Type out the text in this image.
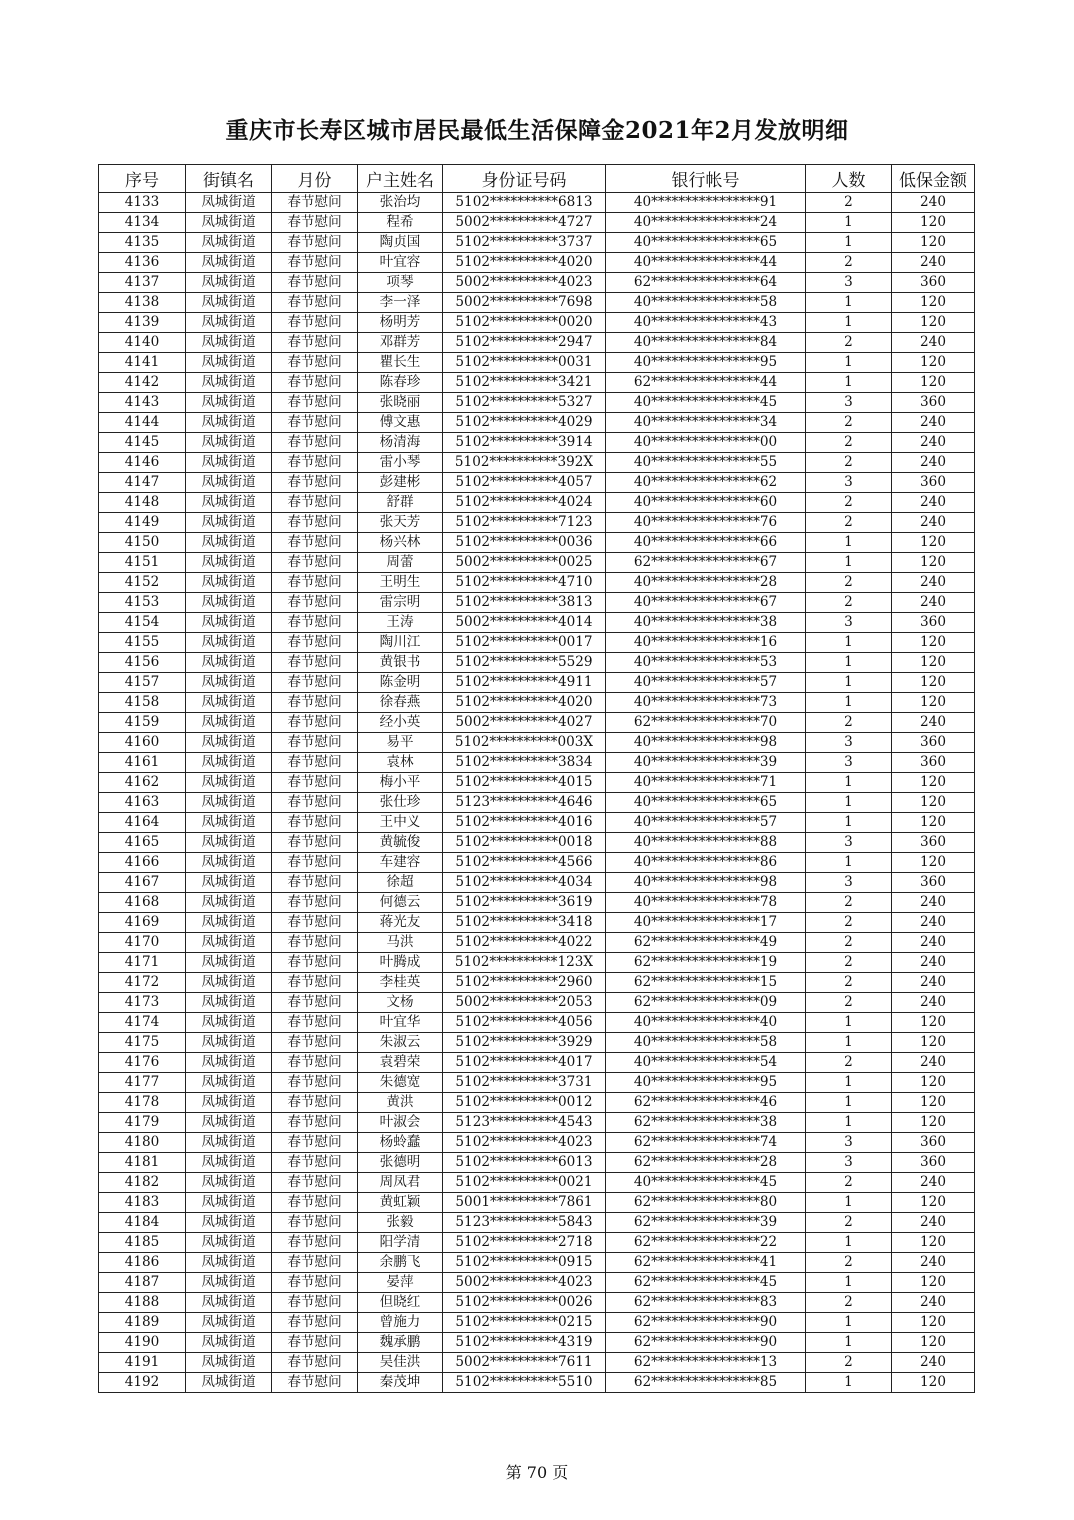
重庆市长寿区城市居民最低生活保障金2021年2月发放明细
序号	街镇名	月份	户主姓名	身份证号码	银行帐号	人数	低保金额
4133	凤城街道	春节慰问	张治均	5102**********6813	40****************91	2	240
4134	凤城街道	春节慰问	程希	5002**********4727	40****************24	1	120
4135	凤城街道	春节慰问	陶贞国	5102**********3737	40****************65	1	120
4136	凤城街道	春节慰问	叶宜容	5102**********4020	40****************44	2	240
4137	凤城街道	春节慰问	项琴	5002**********4023	62****************64	3	360
4138	凤城街道	春节慰问	李一泽	5002**********7698	40****************58	1	120
4139	凤城街道	春节慰问	杨明芳	5102**********0020	40****************43	1	120
4140	凤城街道	春节慰问	邓群芳	5102**********2947	40****************84	2	240
4141	凤城街道	春节慰问	瞿长生	5102**********0031	40****************95	1	120
4142	凤城街道	春节慰问	陈春珍	5102**********3421	62****************44	1	120
4143	凤城街道	春节慰问	张晓丽	5102**********5327	40****************45	3	360
4144	凤城街道	春节慰问	傅文惠	5102**********4029	40****************34	2	240
4145	凤城街道	春节慰问	杨清海	5102**********3914	40****************00	2	240
4146	凤城街道	春节慰问	雷小琴	5102**********392X	40****************55	2	240
4147	凤城街道	春节慰问	彭建彬	5102**********4057	40****************62	3	360
4148	凤城街道	春节慰问	舒群	5102**********4024	40****************60	2	240
4149	凤城街道	春节慰问	张天芳	5102**********7123	40****************76	2	240
4150	凤城街道	春节慰问	杨兴林	5102**********0036	40****************66	1	120
4151	凤城街道	春节慰问	周蕾	5002**********0025	62****************67	1	120
4152	凤城街道	春节慰问	王明生	5102**********4710	40****************28	2	240
4153	凤城街道	春节慰问	雷宗明	5102**********3813	40****************67	2	240
4154	凤城街道	春节慰问	王涛	5002**********4014	40****************38	3	360
4155	凤城街道	春节慰问	陶川江	5102**********0017	40****************16	1	120
4156	凤城街道	春节慰问	黄银书	5102**********5529	40****************53	1	120
4157	凤城街道	春节慰问	陈金明	5102**********4911	40****************57	1	120
4158	凤城街道	春节慰问	徐春燕	5102**********4020	40****************73	1	120
4159	凤城街道	春节慰问	经小英	5002**********4027	62****************70	2	240
4160	凤城街道	春节慰问	易平	5102**********003X	40****************98	3	360
4161	凤城街道	春节慰问	袁林	5102**********3834	40****************39	3	360
4162	凤城街道	春节慰问	梅小平	5102**********4015	40****************71	1	120
4163	凤城街道	春节慰问	张仕珍	5123**********4646	40****************65	1	120
4164	凤城街道	春节慰问	王中义	5102**********4016	40****************57	1	120
4165	凤城街道	春节慰问	黄毓俊	5102**********0018	40****************88	3	360
4166	凤城街道	春节慰问	车建容	5102**********4566	40****************86	1	120
4167	凤城街道	春节慰问	徐超	5102**********4034	40****************98	3	360
4168	凤城街道	春节慰问	何德云	5102**********3619	40****************78	2	240
4169	凤城街道	春节慰问	蒋光友	5102**********3418	40****************17	2	240
4170	凤城街道	春节慰问	马洪	5102**********4022	62****************49	2	240
4171	凤城街道	春节慰问	叶腾成	5102**********123X	62****************19	2	240
4172	凤城街道	春节慰问	李桂英	5102**********2960	62****************15	2	240
4173	凤城街道	春节慰问	文杨	5002**********2053	62****************09	2	240
4174	凤城街道	春节慰问	叶宜华	5102**********4056	40****************40	1	120
4175	凤城街道	春节慰问	朱淑云	5102**********3929	40****************58	1	120
4176	凤城街道	春节慰问	袁碧荣	5102**********4017	40****************54	2	240
4177	凤城街道	春节慰问	朱德宽	5102**********3731	40****************95	1	120
4178	凤城街道	春节慰问	黄洪	5102**********0012	62****************46	1	120
4179	凤城街道	春节慰问	叶淑会	5123**********4543	62****************38	1	120
4180	凤城街道	春节慰问	杨蛉蠢	5102**********4023	62****************74	3	360
4181	凤城街道	春节慰问	张德明	5102**********6013	62****************28	3	360
4182	凤城街道	春节慰问	周凤君	5102**********0021	40****************45	2	240
4183	凤城街道	春节慰问	黄虹颖	5001**********7861	62****************80	1	120
4184	凤城街道	春节慰问	张毅	5123**********5843	62****************39	2	240
4185	凤城街道	春节慰问	阳学清	5102**********2718	62****************22	1	120
4186	凤城街道	春节慰问	余鹏飞	5102**********0915	62****************41	2	240
4187	凤城街道	春节慰问	晏萍	5002**********4023	62****************45	1	120
4188	凤城街道	春节慰问	但晓红	5102**********0026	62****************83	2	240
4189	凤城街道	春节慰问	曾施力	5102**********0215	62****************90	1	120
4190	凤城街道	春节慰问	魏承鹏	5102**********4319	62****************90	1	120
4191	凤城街道	春节慰问	吴佳洪	5002**********7611	62****************13	2	240
4192	凤城街道	春节慰问	秦茂坤	5102**********5510	62****************85	1	120
第 70 页
